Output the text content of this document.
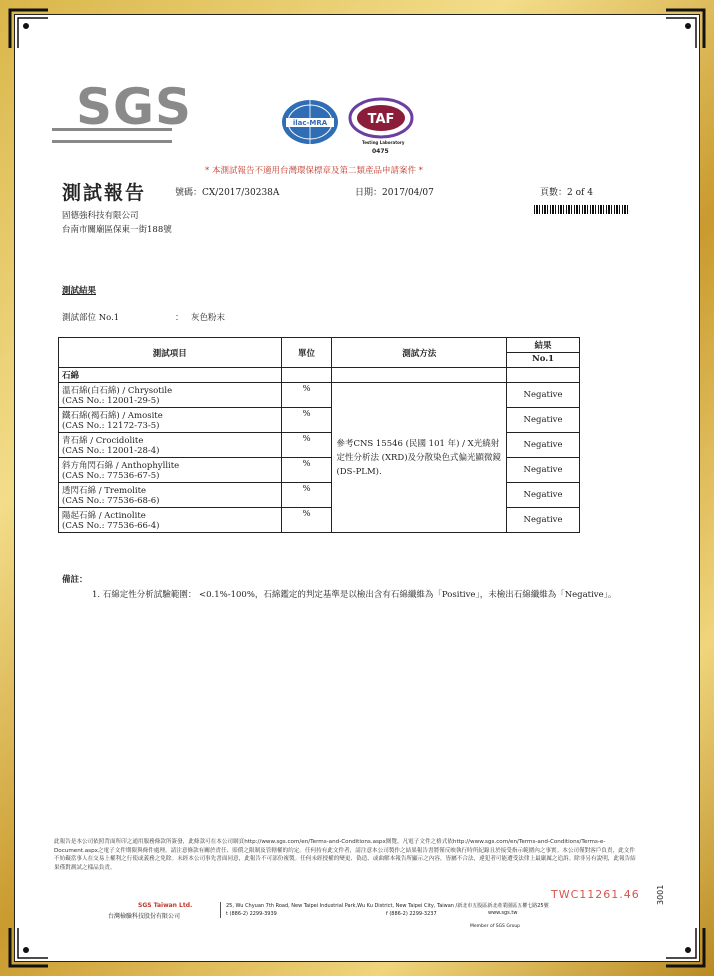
SGS	ilac-MRA	TAF
Testing Laboratory
0475
* 本測試報告不適用台灣環保標章及第二類產品申請案件 *
測試報告	號碼：CX/2017/30238A	日期：2017/04/07	頁數：2 of 4
固德強科技有限公司
台南市關廟區保東一街188號
測試結果
測試部位 No.1	： 灰色粉末
測試項目	單位	測試方法	結果
			No.1
石綿			

溫石綿(白石綿) / Chrysotile
(CAS No.: 12001-29-5)	%	參考CNS 15546 (民國 101 年) / X光繞射定性分析法 (XRD)及分散染色式偏光顯微鏡 (DS-PLM).	Negative

鐵石綿(褐石綿) / Amosite
(CAS No.: 12172-73-5)	%		Negative

青石綿 / Crocidolite
(CAS No.: 12001-28-4)	%		Negative

斜方角閃石綿 / Anthophyllite
(CAS No.: 77536-67-5)	%		Negative

透閃石綿 / Tremolite
(CAS No.: 77536-68-6)	%		Negative

陽起石綿 / Actinolite
(CAS No.: 77536-66-4)	%		Negative
備註：
1. 石綿定性分析試驗範圍： <0.1%-100%，石綿鑑定的判定基準是以檢出含有石綿纖維為「Positive」，未檢出石綿纖維為「Negative」。
此報告是本公司依照背面所印之通用服務條款所簽發，此條款可在本公司網頁http://www.sgs.com/en/Terms-and-Conditions.aspx閱覽，凡電子文件之格式依http://www.sgs.com/en/Terms-and-Conditions/Terms-e-Document.aspx之電子文件期限與條件處理。請注意條款有關於責任、賠償之限制及管轄權的約定。任何持有此文件者，請注意本公司製作之結果報告書將僅反映執行時所紀錄且於接受指示範圍內之事實。本公司僅對客戶負責，此文件不妨礙當事人在交易上權利之行使或義務之免除。未經本公司事先書面同意，此報告不可部份複製。任何未經授權的變更、偽造、或曲解本報告所顯示之內容，皆屬不合法，違犯者可能遭受法律上最嚴厲之追訴。除非另有說明，此報告結果僅對測試之樣品負責。
TWC11261.46 3001
SGS Taiwan Ltd.
台灣檢驗科技股份有限公司
25, Wu Chyuan 7th Road, New Taipei Industrial Park,Wu Ku District, New Taipei City, Taiwan /新北市五股區新北產業園區五權七路25號
t (886-2) 2299-3939	f (886-2) 2299-3237	www.sgs.tw
Member of SGS Group
